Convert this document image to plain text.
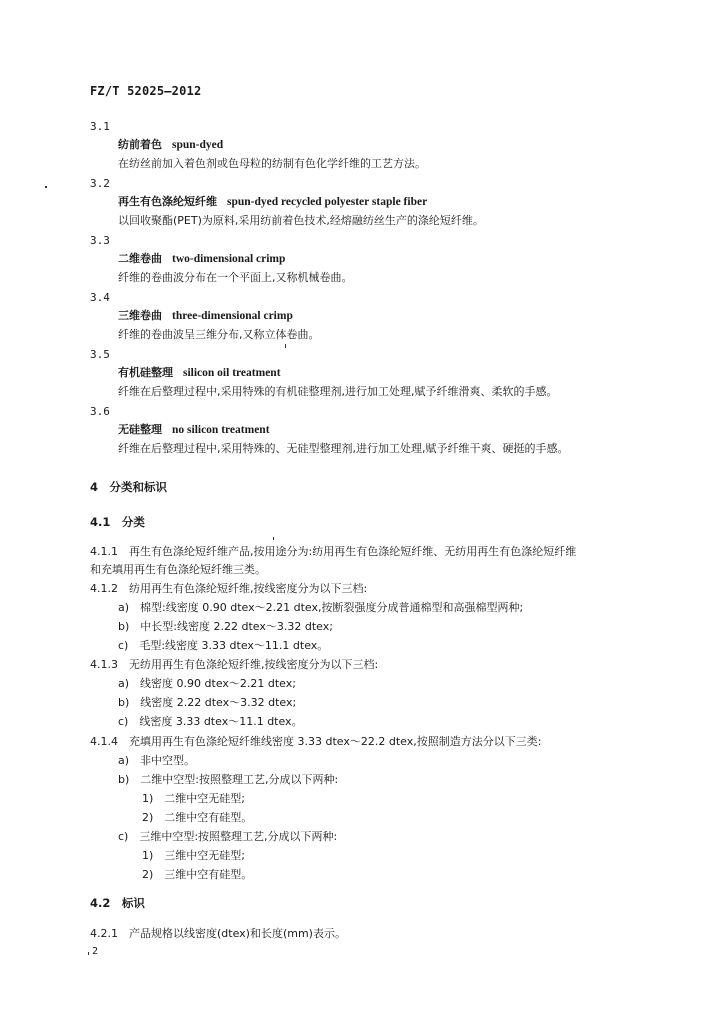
FZ/T 52025—2012
3.1
纺前着色 spun-dyed
在纺丝前加入着色剂或色母粒的纺制有色化学纤维的工艺方法。
3.2
再生有色涤纶短纤维 spun-dyed recycled polyester staple fiber
以回收聚酯(PET)为原料,采用纺前着色技术,经熔融纺丝生产的涤纶短纤维。
3.3
二维卷曲 two-dimensional crimp
纤维的卷曲波分布在一个平面上,又称机械卷曲。
3.4
三维卷曲 three-dimensional crimp
纤维的卷曲波呈三维分布,又称立体卷曲。
3.5
有机硅整理 silicon oil treatment
纤维在后整理过程中,采用特殊的有机硅整理剂,进行加工处理,赋予纤维滑爽、柔软的手感。
3.6
无硅整理 no silicon treatment
纤维在后整理过程中,采用特殊的、无硅型整理剂,进行加工处理,赋予纤维干爽、硬挺的手感。
4　分类和标识
4.1　分类
4.1.1　再生有色涤纶短纤维产品,按用途分为:纺用再生有色涤纶短纤维、无纺用再生有色涤纶短纤维
和充填用再生有色涤纶短纤维三类。
4.1.2　纺用再生有色涤纶短纤维,按线密度分为以下三档:
a)　棉型:线密度 0.90 dtex～2.21 dtex,按断裂强度分成普通棉型和高强棉型两种;
b)　中长型:线密度 2.22 dtex～3.32 dtex;
c)　毛型:线密度 3.33 dtex～11.1 dtex。
4.1.3　无纺用再生有色涤纶短纤维,按线密度分为以下三档:
a)　线密度 0.90 dtex～2.21 dtex;
b)　线密度 2.22 dtex～3.32 dtex;
c)　线密度 3.33 dtex～11.1 dtex。
4.1.4　充填用再生有色涤纶短纤维线密度 3.33 dtex～22.2 dtex,按照制造方法分以下三类:
a)　非中空型。
b)　二维中空型:按照整理工艺,分成以下两种:
1)　二维中空无硅型;
2)　二维中空有硅型。
c)　三维中空型:按照整理工艺,分成以下两种:
1)　三维中空无硅型;
2)　三维中空有硅型。
4.2　标识
4.2.1　产品规格以线密度(dtex)和长度(mm)表示。
2
